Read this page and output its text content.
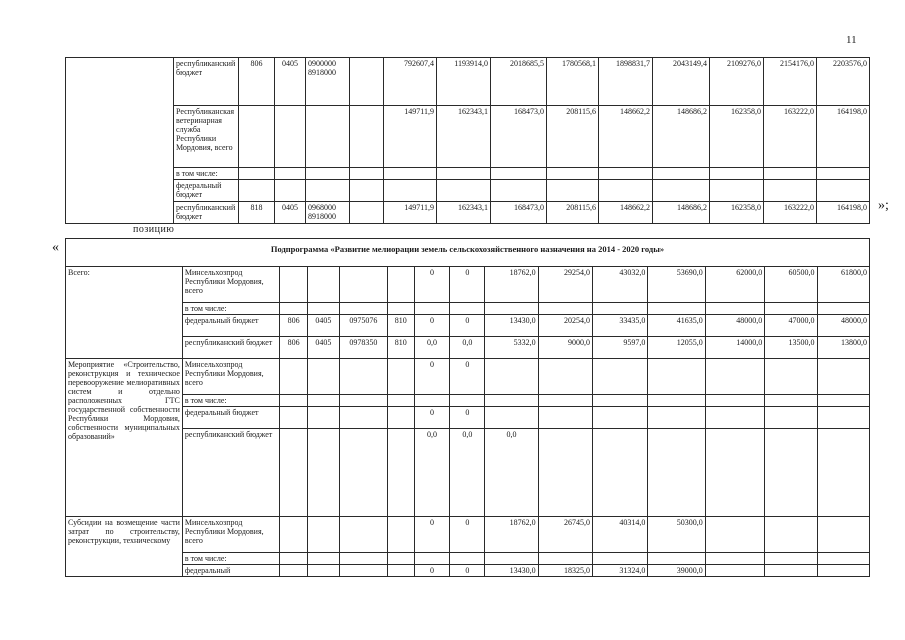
11
	республиканский бюджет	806	0405	0900000 8918000		792607,4	1193914,0	2018685,5	1780568,1	1898831,7	2043149,4	2109276,0	2154176,0	2203576,0
	Республиканская ветеринарная служба Республики Мордовия, всего					149711,9	162343,1	168473,0	208115,6	148662,2	148686,2	162358,0	163222,0	164198,0
	в том числе:													
	федеральный бюджет													
	республиканский бюджет	818	0405	0968000 8918000		149711,9	162343,1	168473,0	208115,6	148662,2	148686,2	162358,0	163222,0	164198,0 »;
позицию
«	Подпрограмма «Развитие мелиорации земель сельскохозяйственного назначения на 2014 - 2020 годы»														
Всего:	Минсельхозпрод Республики Мордовия, всего					0	0	18762,0	29254,0	43032,0	53690,0	62000,0	60500,0	61800,0
	в том числе:													
	федеральный бюджет	806	0405	0975076	810	0	0	13430,0	20254,0	33435,0	41635,0	48000,0	47000,0	48000,0
	республиканский бюджет	806	0405	0978350	810	0,0	0,0	5332,0	9000,0	9597,0	12055,0	14000,0	13500,0	13800,0
Мероприятие «Строительство, реконструкция и техническое перевооружение мелиоративных систем и отдельно расположенных ГТС государственной собственности Республики Мордовия, собственности муниципальных образований»	Минсельхозпрод Республики Мордовия, всего					0	0							
	в том числе:													
	федеральный бюджет					0	0							
	республиканский бюджет					0,0	0,0	0,0						
Субсидии на возмещение части затрат по строительству, реконструкции, техническому	Минсельхозпрод Республики Мордовия, всего					0	0	18762,0	26745,0	40314,0	50300,0			
	в том числе:													
	федеральный					0	0	13430,0	18325,0	31324,0	39000,0			
